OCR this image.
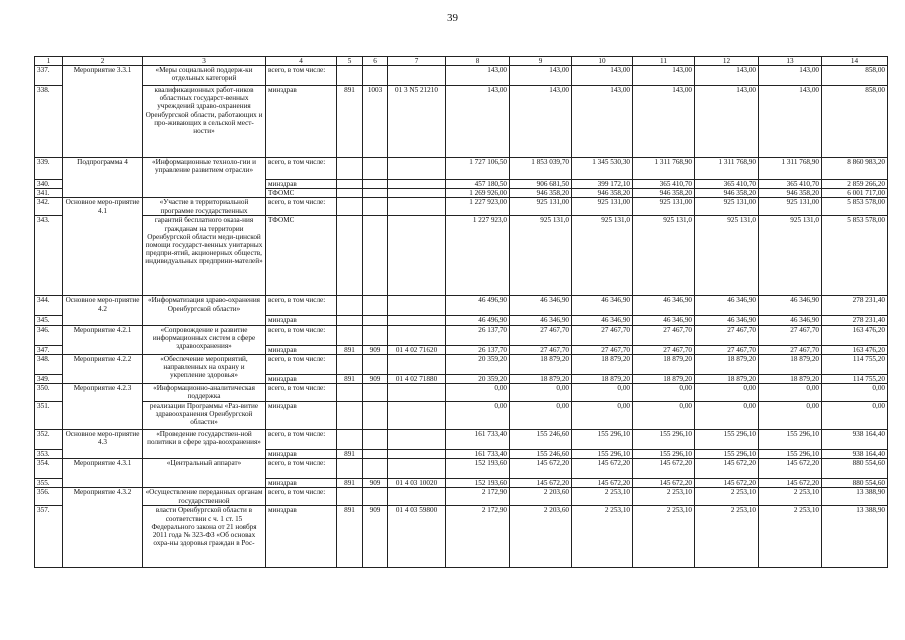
39
1	2	3	4	5	6	7	8	9	10	11	12	13	14
337.	Мероприятие 3.3.1	«Меры социальной поддерж-ки отдельных категорий	всего, в том числе:				143,00	143,00	143,00	143,00	143,00	143,00	858,00
338.		квалификационных работ-ников областных государст-венных учреждений здраво-охранения Оренбургской области, работающих и про-живающих в сельской мест-ности»	минздрав	891	1003	01 3 N5 21210	143,00	143,00	143,00	143,00	143,00	143,00	858,00
339.	Подпрограмма 4	«Информационные техноло-гии и управление развитием отрасли»	всего, в том числе:				1 727 106,50	1 853 039,70	1 345 530,30	1 311 768,90	1 311 768,90	1 311 768,90	8 860 983,20
340.			минздрав				457 180,50	906 681,50	399 172,10	365 410,70	365 410,70	365 410,70	2 859 266,20
341.			ТФОМС				1 269 926,00	946 358,20	946 358,20	946 358,20	946 358,20	946 358,20	6 001 717,00
342.	Основное меро-приятие 4.1	«Участие в территориальной программе государственных	всего, в том числе:				1 227 923,00	925 131,00	925 131,00	925 131,00	925 131,00	925 131,00	5 853 578,00
343.		гарантий бесплатного оказа-ния гражданам на территории Оренбургской области меди-цинской помощи государст-венных унитарных предпри-ятий, акционерных обществ, индивидуальных предприни-мателей»	ТФОМС				1 227 923,0	925 131,0	925 131,0	925 131,0	925 131,0	925 131,0	5 853 578,00
344.	Основное меро-приятие 4.2	«Информатизация здраво-охранения Оренбургской области»	всего, в том числе:				46 496,90	46 346,90	46 346,90	46 346,90	46 346,90	46 346,90	278 231,40
345.			минздрав				46 496,90	46 346,90	46 346,90	46 346,90	46 346,90	46 346,90	278 231,40
346.	Мероприятие 4.2.1	«Сопровождение и развитие информационных систем в сфере здравоохранения»	всего, в том числе:				26 137,70	27 467,70	27 467,70	27 467,70	27 467,70	27 467,70	163 476,20
347.			минздрав	891	909	01 4 02 71620	26 137,70	27 467,70	27 467,70	27 467,70	27 467,70	27 467,70	163 476,20
348.	Мероприятие 4.2.2	«Обеспечение мероприятий, направленных на охрану и укрепление здоровья»	всего, в том числе:				20 359,20	18 879,20	18 879,20	18 879,20	18 879,20	18 879,20	114 755,20
349.			минздрав	891	909	01 4 02 71880	20 359,20	18 879,20	18 879,20	18 879,20	18 879,20	18 879,20	114 755,20
350.	Мероприятие 4.2.3	«Информационно-аналитическая поддержка	всего, в том числе:				0,00	0,00	0,00	0,00	0,00	0,00	0,00
351.		реализации Программы «Раз-витие здравоохранения Оренбургской области»	минздрав				0,00	0,00	0,00	0,00	0,00	0,00	0,00
352.	Основное меро-приятие 4.3	«Проведение государствен-ной политики в сфере здра-воохранения»	всего, в том числе:				161 733,40	155 246,60	155 296,10	155 296,10	155 296,10	155 296,10	938 164,40
353.			минздрав	891			161 733,40	155 246,60	155 296,10	155 296,10	155 296,10	155 296,10	938 164,40
354.	Мероприятие 4.3.1	«Центральный аппарат»	всего, в том числе:				152 193,60	145 672,20	145 672,20	145 672,20	145 672,20	145 672,20	880 554,60
355.			минздрав	891	909	01 4 03 10020	152 193,60	145 672,20	145 672,20	145 672,20	145 672,20	145 672,20	880 554,60
356.	Мероприятие 4.3.2	«Осуществление переданных органам государственной	всего, в том числе:				2 172,90	2 203,60	2 253,10	2 253,10	2 253,10	2 253,10	13 388,90
357.		власти Оренбургской области в соответствии с ч. 1 ст. 15 Федерального закона от 21 ноября 2011 года № 323-ФЗ «Об основах охра-ны здоровья граждан в Рос-	минздрав	891	909	01 4 03 59800	2 172,90	2 203,60	2 253,10	2 253,10	2 253,10	2 253,10	13 388,90
